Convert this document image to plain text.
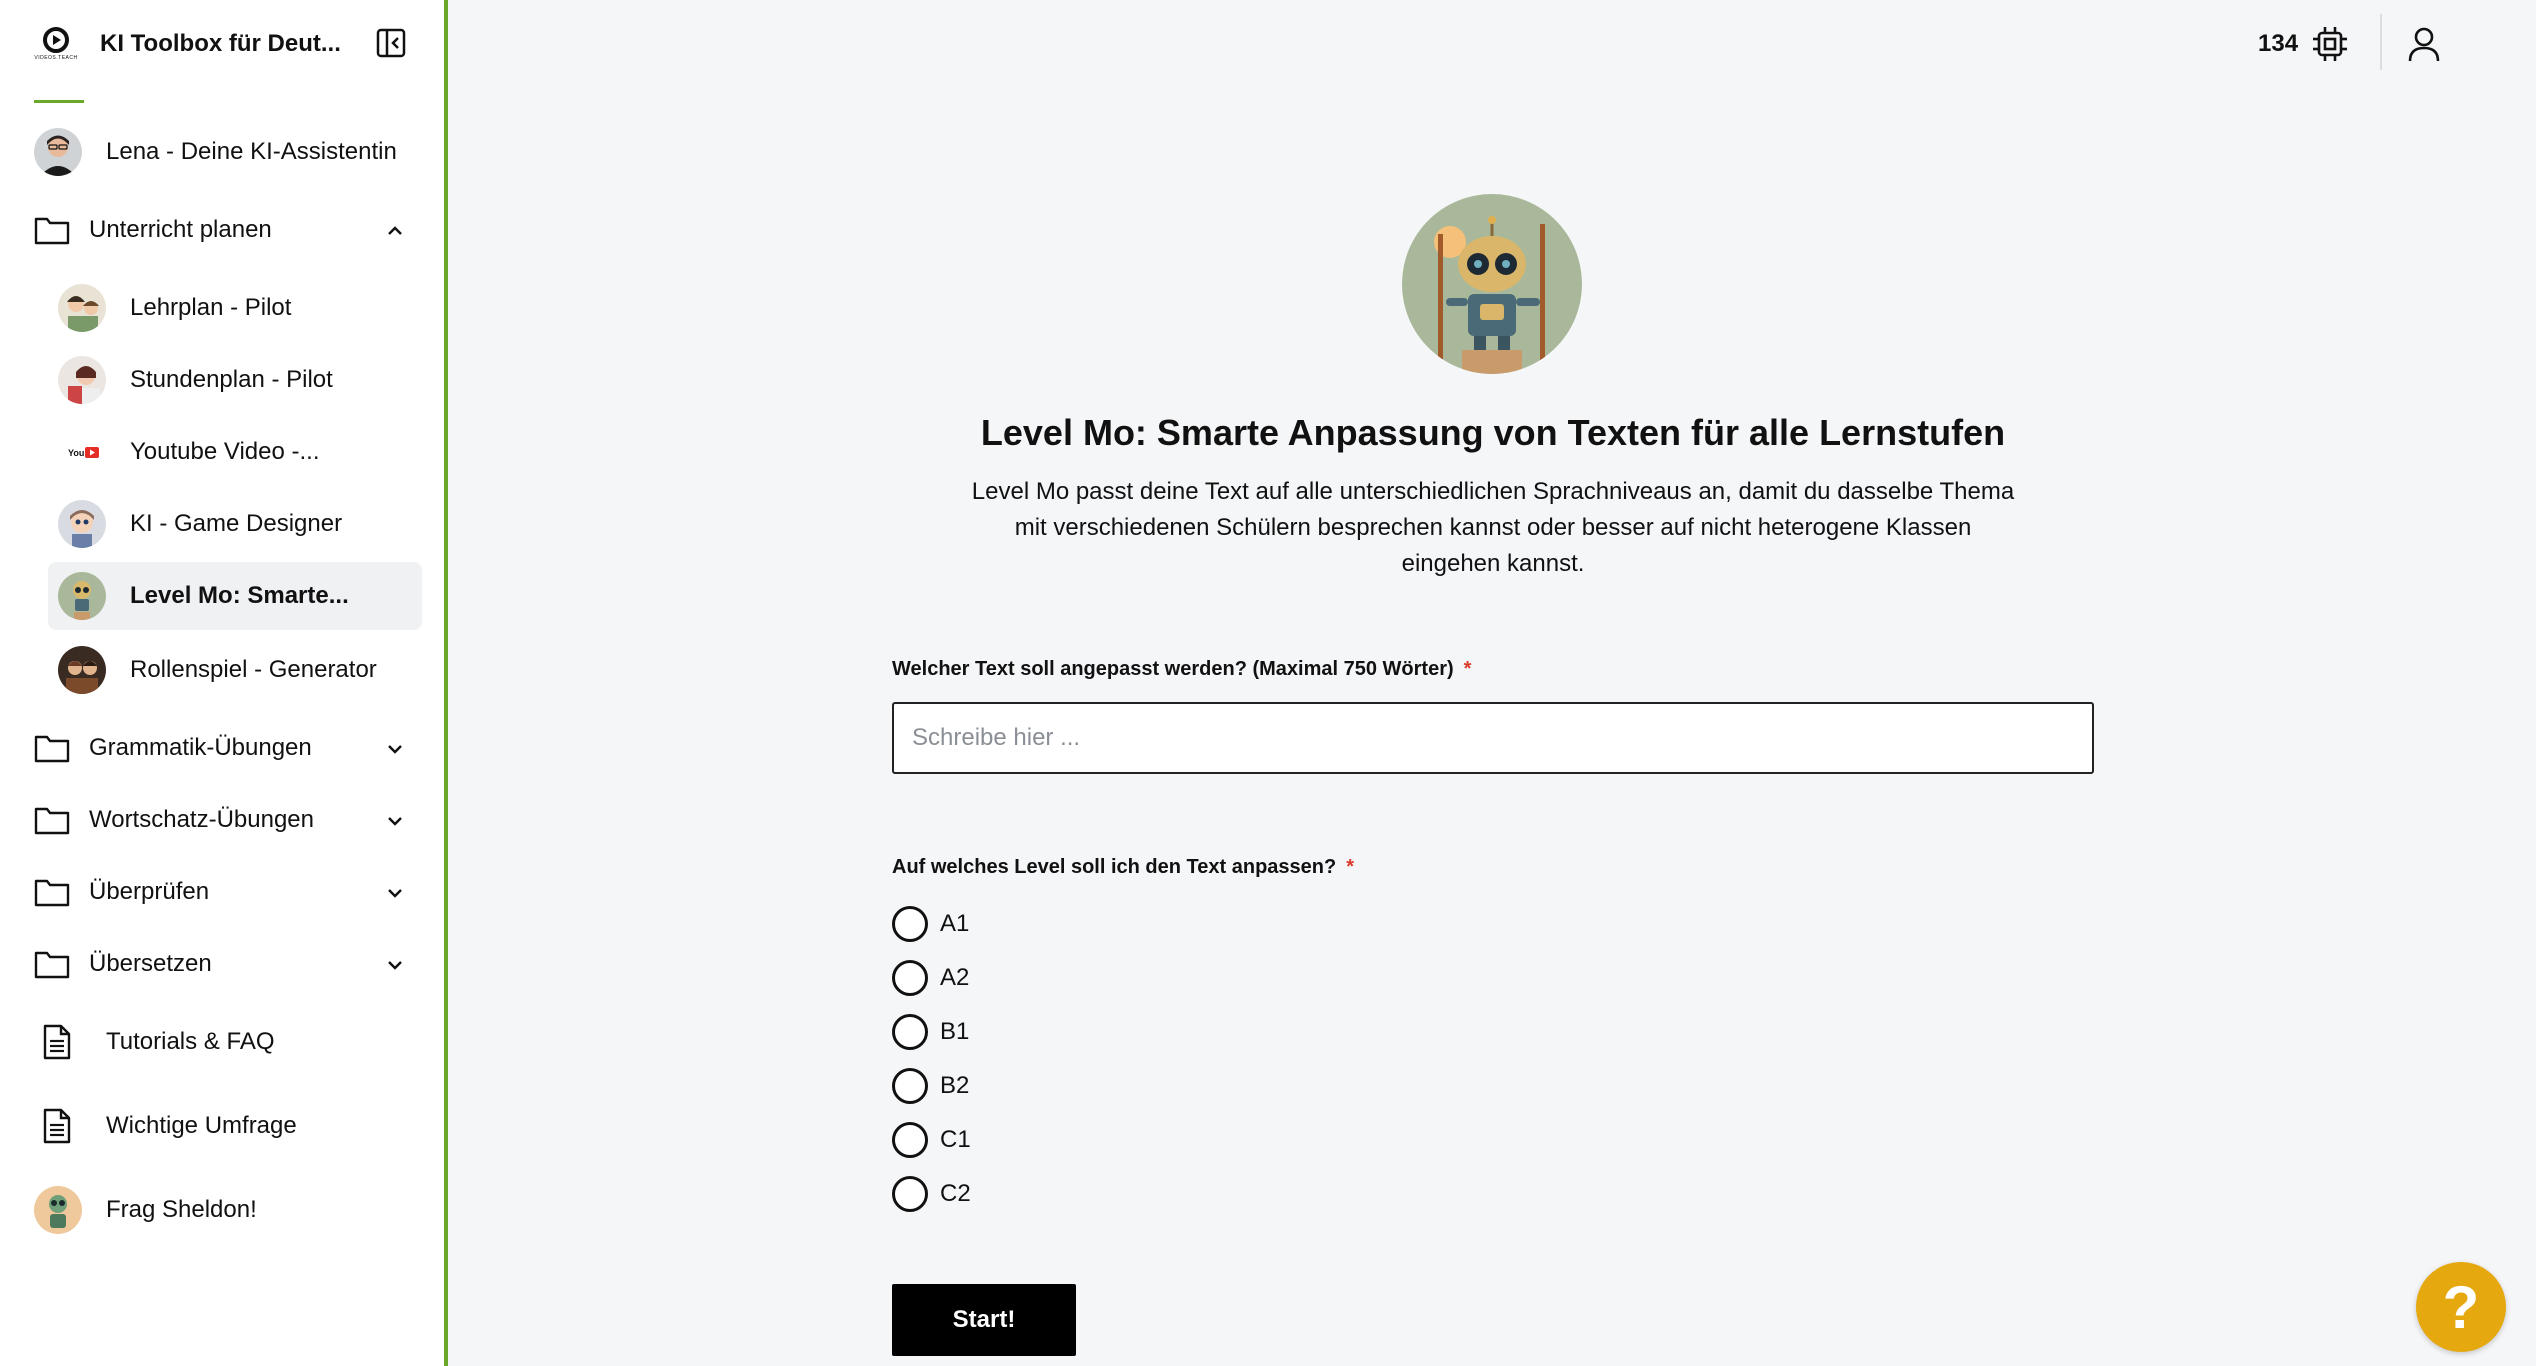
VIDEOS.TEACH
KI Toolbox für Deut...
Lena - Deine KI-Assistentin
Unterricht planen
Lehrplan - Pilot
Stundenplan - Pilot
You Youtube Video -...
KI - Game Designer
Level Mo: Smarte...
Rollenspiel - Generator
Grammatik-Übungen
Wortschatz-Übungen
Überprüfen
Übersetzen
Tutorials & FAQ
Wichtige Umfrage
Frag Sheldon!
134
Level Mo: Smarte Anpassung von Texten für alle Lernstufen

Level Mo passt deine Text auf alle unterschiedlichen Sprachniveaus an, damit du dasselbe Thema mit verschiedenen Schülern besprechen kannst oder besser auf nicht heterogene Klassen eingehen kannst.

Welcher Text soll angepasst werden? (Maximal 750 Wörter) *
Schreibe hier ...
Auf welches Level soll ich den Text anpassen? *
A1
A2
B1
B2
C1
C2
Start!	?
